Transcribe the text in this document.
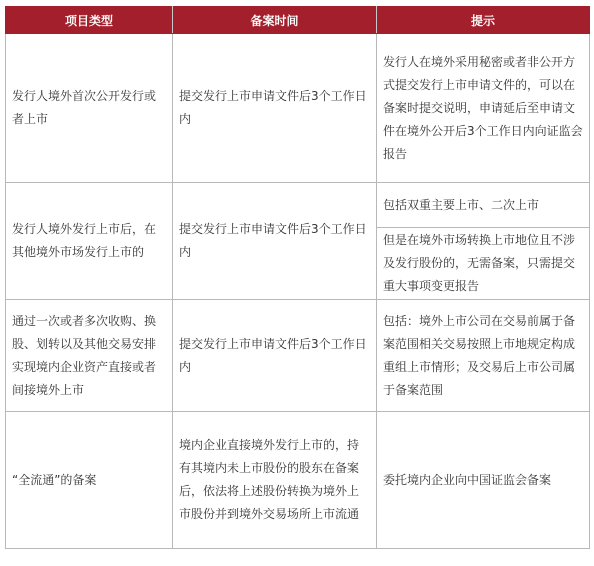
项目类型	备案时间	提示
发行人境外首次公开发行或者上市	提交发行上市申请文件后3个工作日内	发行人在境外采用秘密或者非公开方式提交发行上市申请文件的，可以在备案时提交说明，申请延后至申请文件在境外公开后3个工作日内向证监会报告
发行人境外发行上市后，在其他境外市场发行上市的	提交发行上市申请文件后3个工作日内	包括双重主要上市、二次上市
		但是在境外市场转换上市地位且不涉及发行股份的，无需备案，只需提交重大事项变更报告
通过一次或者多次收购、换股、划转以及其他交易安排实现境内企业资产直接或者间接境外上市	提交发行上市申请文件后3个工作日内	包括：境外上市公司在交易前属于备案范围相关交易按照上市地规定构成重组上市情形；及交易后上市公司属于备案范围
“全流通”的备案	境内企业直接境外发行上市的，持有其境内未上市股份的股东在备案后，依法将上述股份转换为境外上市股份并到境外交易场所上市流通	委托境内企业向中国证监会备案
